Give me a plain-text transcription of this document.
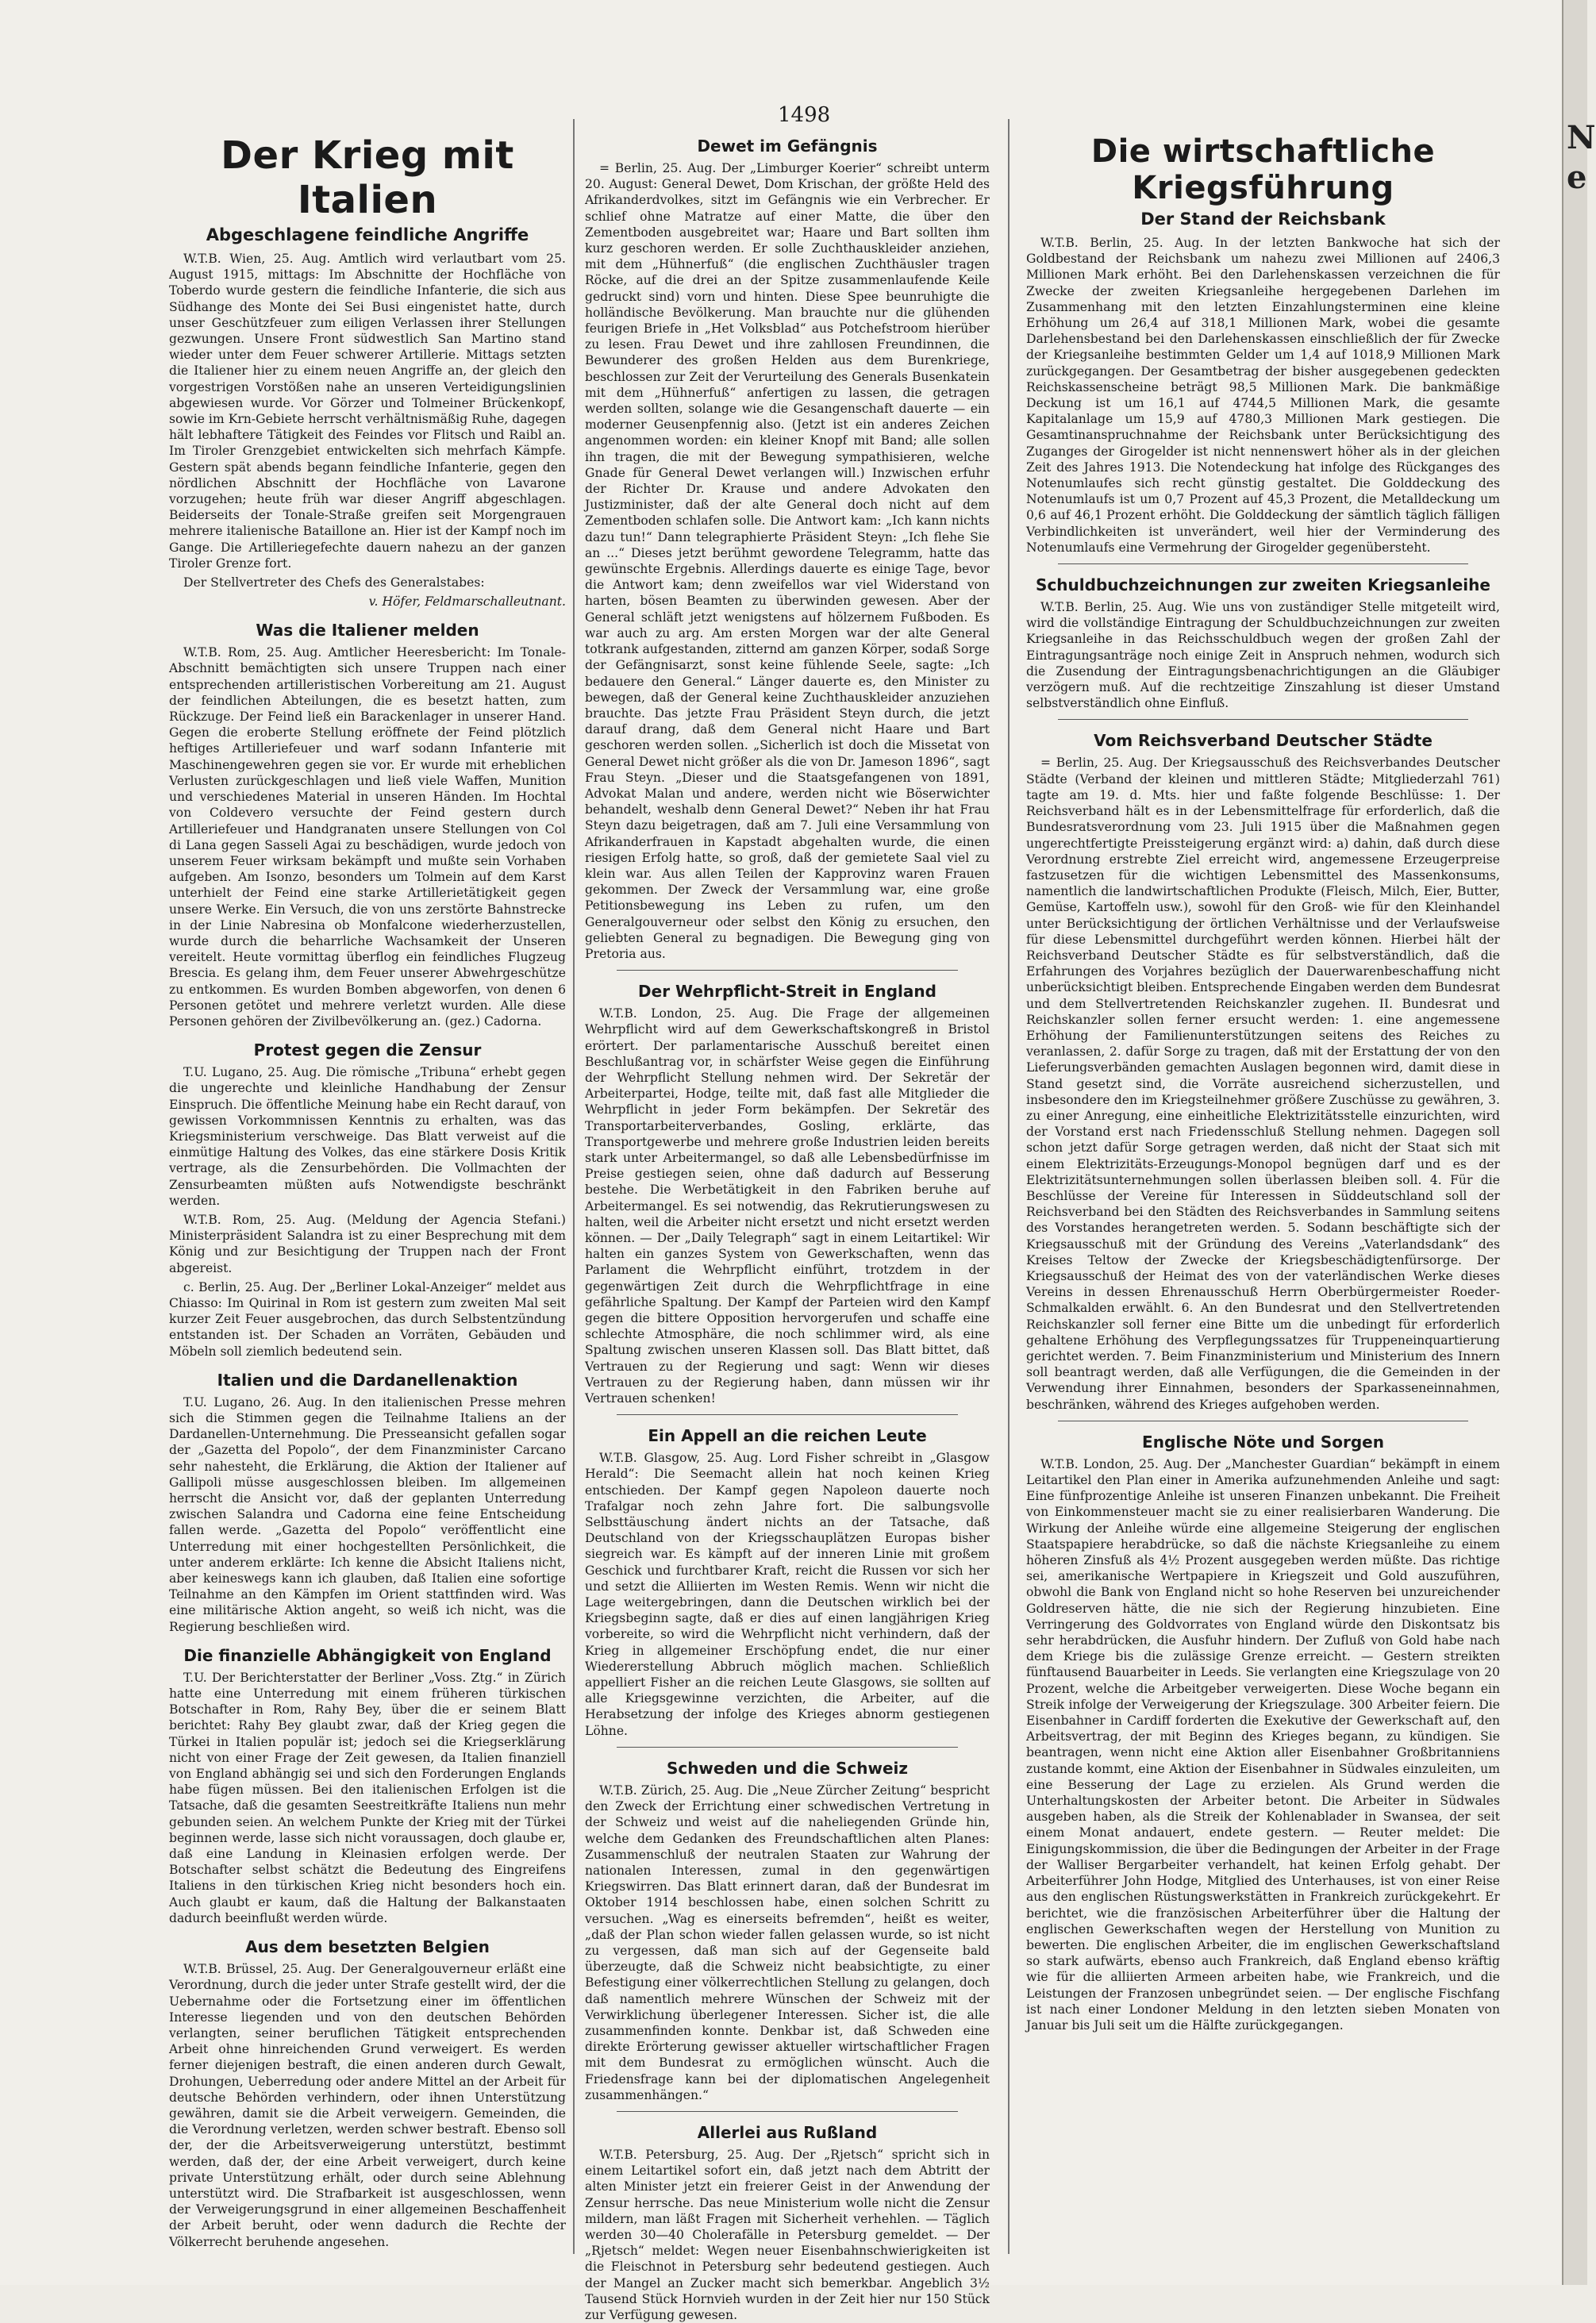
1498
Der Krieg mit Italien
Abgeschlagene feindliche Angriffe

W.T.B. Wien, 25. Aug. Amtlich wird verlautbart vom 25. August 1915, mittags: Im Abschnitte der Hochfläche von Toberdo wurde gestern die feindliche Infanterie, die sich aus Südhange des Monte dei Sei Busi eingenistet hatte, durch unser Geschützfeuer zum eiligen Verlassen ihrer Stellungen gezwungen. Unsere Front südwestlich San Martino stand wieder unter dem Feuer schwerer Artillerie. Mittags setzten die Italiener hier zu einem neuen Angriffe an, der gleich den vorgestrigen Vorstößen nahe an unseren Verteidigungslinien abgewiesen wurde. Vor Görzer und Tolmeiner Brückenkopf, sowie im Krn-Gebiete herrscht verhältnismäßig Ruhe, dagegen hält lebhaftere Tätigkeit des Feindes vor Flitsch und Raibl an. Im Tiroler Grenzgebiet entwickelten sich mehrfach Kämpfe. Gestern spät abends begann feindliche Infanterie, gegen den nördlichen Abschnitt der Hochfläche von Lavarone vorzugehen; heute früh war dieser Angriff abgeschlagen. Beiderseits der Tonale-Straße greifen seit Morgengrauen mehrere italienische Bataillone an. Hier ist der Kampf noch im Gange. Die Artilleriegefechte dauern nahezu an der ganzen Tiroler Grenze fort.

Der Stellvertreter des Chefs des Generalstabes:

v. Höfer, Feldmarschalleutnant.
Was die Italiener melden

W.T.B. Rom, 25. Aug. Amtlicher Heeresbericht: Im Tonale-Abschnitt bemächtigten sich unsere Truppen nach einer entsprechenden artilleristischen Vorbereitung am 21. August der feindlichen Abteilungen, die es besetzt hatten, zum Rückzuge. Der Feind ließ ein Barackenlager in unserer Hand. Gegen die eroberte Stellung eröffnete der Feind plötzlich heftiges Artilleriefeuer und warf sodann Infanterie mit Maschinengewehren gegen sie vor. Er wurde mit erheblichen Verlusten zurückgeschlagen und ließ viele Waffen, Munition und verschiedenes Material in unseren Händen. Im Hochtal von Coldevero versuchte der Feind gestern durch Artilleriefeuer und Handgranaten unsere Stellungen von Col di Lana gegen Sasseli Agai zu beschädigen, wurde jedoch von unserem Feuer wirksam bekämpft und mußte sein Vorhaben aufgeben. Am Isonzo, besonders um Tolmein auf dem Karst unterhielt der Feind eine starke Artillerietätigkeit gegen unsere Werke. Ein Versuch, die von uns zerstörte Bahnstrecke in der Linie Nabresina ob Monfalcone wiederherzustellen, wurde durch die beharrliche Wachsamkeit der Unseren vereitelt. Heute vormittag überflog ein feindliches Flugzeug Brescia. Es gelang ihm, dem Feuer unserer Abwehrgeschütze zu entkommen. Es wurden Bomben abgeworfen, von denen 6 Personen getötet und mehrere verletzt wurden. Alle diese Personen gehören der Zivilbevölkerung an. (gez.) Cadorna.

Protest gegen die Zensur

T.U. Lugano, 25. Aug. Die römische „Tribuna“ erhebt gegen die ungerechte und kleinliche Handhabung der Zensur Einspruch. Die öffentliche Meinung habe ein Recht darauf, von gewissen Vorkommnissen Kenntnis zu erhalten, was das Kriegsministerium verschweige. Das Blatt verweist auf die einmütige Haltung des Volkes, das eine stärkere Dosis Kritik vertrage, als die Zensurbehörden. Die Vollmachten der Zensurbeamten müßten aufs Notwendigste beschränkt werden.

W.T.B. Rom, 25. Aug. (Meldung der Agencia Stefani.) Ministerpräsident Salandra ist zu einer Besprechung mit dem König und zur Besichtigung der Truppen nach der Front abgereist.

c. Berlin, 25. Aug. Der „Berliner Lokal-Anzeiger“ meldet aus Chiasso: Im Quirinal in Rom ist gestern zum zweiten Mal seit kurzer Zeit Feuer ausgebrochen, das durch Selbstentzündung entstanden ist. Der Schaden an Vorräten, Gebäuden und Möbeln soll ziemlich bedeutend sein.

Italien und die Dardanellenaktion

T.U. Lugano, 26. Aug. In den italienischen Presse mehren sich die Stimmen gegen die Teilnahme Italiens an der Dardanellen-Unternehmung. Die Presseansicht gefallen sogar der „Gazetta del Popolo“, der dem Finanzminister Carcano sehr nahesteht, die Erklärung, die Aktion der Italiener auf Gallipoli müsse ausgeschlossen bleiben. Im allgemeinen herrscht die Ansicht vor, daß der geplanten Unterredung zwischen Salandra und Cadorna eine feine Entscheidung fallen werde. „Gazetta del Popolo“ veröffentlicht eine Unterredung mit einer hochgestellten Persönlichkeit, die unter anderem erklärte: Ich kenne die Absicht Italiens nicht, aber keineswegs kann ich glauben, daß Italien eine sofortige Teilnahme an den Kämpfen im Orient stattfinden wird. Was eine militärische Aktion angeht, so weiß ich nicht, was die Regierung beschließen wird.

Die finanzielle Abhängigkeit von England

T.U. Der Berichterstatter der Berliner „Voss. Ztg.“ in Zürich hatte eine Unterredung mit einem früheren türkischen Botschafter in Rom, Rahy Bey, über die er seinem Blatt berichtet: Rahy Bey glaubt zwar, daß der Krieg gegen die Türkei in Italien populär ist; jedoch sei die Kriegserklärung nicht von einer Frage der Zeit gewesen, da Italien finanziell von England abhängig sei und sich den Forderungen Englands habe fügen müssen. Bei den italienischen Erfolgen ist die Tatsache, daß die gesamten Seestreitkräfte Italiens nun mehr gebunden seien. An welchem Punkte der Krieg mit der Türkei beginnen werde, lasse sich nicht voraussagen, doch glaube er, daß eine Landung in Kleinasien erfolgen werde. Der Botschafter selbst schätzt die Bedeutung des Eingreifens Italiens in den türkischen Krieg nicht besonders hoch ein. Auch glaubt er kaum, daß die Haltung der Balkanstaaten dadurch beeinflußt werden würde.

Aus dem besetzten Belgien

W.T.B. Brüssel, 25. Aug. Der Generalgouverneur erläßt eine Verordnung, durch die jeder unter Strafe gestellt wird, der die Uebernahme oder die Fortsetzung einer im öffentlichen Interesse liegenden und von den deutschen Behörden verlangten, seiner beruflichen Tätigkeit entsprechenden Arbeit ohne hinreichenden Grund verweigert. Es werden ferner diejenigen bestraft, die einen anderen durch Gewalt, Drohungen, Ueberredung oder andere Mittel an der Arbeit für deutsche Behörden verhindern, oder ihnen Unterstützung gewähren, damit sie die Arbeit verweigern. Gemeinden, die die Verordnung verletzen, werden schwer bestraft. Ebenso soll der, der die Arbeitsverweigerung unterstützt, bestimmt werden, daß der, der eine Arbeit verweigert, durch keine private Unterstützung erhält, oder durch seine Ablehnung unterstützt wird. Die Strafbarkeit ist ausgeschlossen, wenn der Verweigerungsgrund in einer allgemeinen Beschaffenheit der Arbeit beruht, oder wenn dadurch die Rechte der Völkerrecht beruhende angesehen.

Dewet im Gefängnis

= Berlin, 25. Aug. Der „Limburger Koerier“ schreibt unterm 20. August: General Dewet, Dom Krischan, der größte Held des Afrikanderdvolkes, sitzt im Gefängnis wie ein Verbrecher. Er schlief ohne Matratze auf einer Matte, die über den Zementboden ausgebreitet war; Haare und Bart sollten ihm kurz geschoren werden. Er solle Zuchthauskleider anziehen, mit dem „Hühnerfuß“ (die englischen Zuchthäusler tragen Röcke, auf die drei an der Spitze zusammenlaufende Keile gedruckt sind) vorn und hinten. Diese Spee beunruhigte die holländische Bevölkerung. Man brauchte nur die glühenden feurigen Briefe in „Het Volksblad“ aus Potchefstroom hierüber zu lesen. Frau Dewet und ihre zahllosen Freundinnen, die Bewunderer des großen Helden aus dem Burenkriege, beschlossen zur Zeit der Verurteilung des Generals Busenkatein mit dem „Hühnerfuß“ anfertigen zu lassen, die getragen werden sollten, solange wie die Gesangenschaft dauerte — ein moderner Geusenpfennig also. (Jetzt ist ein anderes Zeichen angenommen worden: ein kleiner Knopf mit Band; alle sollen ihn tragen, die mit der Bewegung sympathisieren, welche Gnade für General Dewet verlangen will.) Inzwischen erfuhr der Richter Dr. Krause und andere Advokaten den Justizminister, daß der alte General doch nicht auf dem Zementboden schlafen solle. Die Antwort kam: „Ich kann nichts dazu tun!“ Dann telegraphierte Präsident Steyn: „Ich flehe Sie an ...“ Dieses jetzt berühmt gewordene Telegramm, hatte das gewünschte Ergebnis. Allerdings dauerte es einige Tage, bevor die Antwort kam; denn zweifellos war viel Widerstand von harten, bösen Beamten zu überwinden gewesen. Aber der General schläft jetzt wenigstens auf hölzernem Fußboden. Es war auch zu arg. Am ersten Morgen war der alte General totkrank aufgestanden, zitternd am ganzen Körper, sodaß Sorge der Gefängnisarzt, sonst keine fühlende Seele, sagte: „Ich bedauere den General.“ Länger dauerte es, den Minister zu bewegen, daß der General keine Zuchthauskleider anzuziehen brauchte. Das jetzte Frau Präsident Steyn durch, die jetzt darauf drang, daß dem General nicht Haare und Bart geschoren werden sollen. „Sicherlich ist doch die Missetat von General Dewet nicht größer als die von Dr. Jameson 1896“, sagt Frau Steyn. „Dieser und die Staatsgefangenen von 1891, Advokat Malan und andere, werden nicht wie Böserwichter behandelt, weshalb denn General Dewet?“ Neben ihr hat Frau Steyn dazu beigetragen, daß am 7. Juli eine Versammlung von Afrikanderfrauen in Kapstadt abgehalten wurde, die einen riesigen Erfolg hatte, so groß, daß der gemietete Saal viel zu klein war. Aus allen Teilen der Kapprovinz waren Frauen gekommen. Der Zweck der Versammlung war, eine große Petitionsbewegung ins Leben zu rufen, um den Generalgouverneur oder selbst den König zu ersuchen, den geliebten General zu begnadigen. Die Bewegung ging von Pretoria aus.

Der Wehrpflicht-Streit in England

W.T.B. London, 25. Aug. Die Frage der allgemeinen Wehrpflicht wird auf dem Gewerkschaftskongreß in Bristol erörtert. Der parlamentarische Ausschuß bereitet einen Beschlußantrag vor, in schärfster Weise gegen die Einführung der Wehrpflicht Stellung nehmen wird. Der Sekretär der Arbeiterpartei, Hodge, teilte mit, daß fast alle Mitglieder die Wehrpflicht in jeder Form bekämpfen. Der Sekretär des Transportarbeiterverbandes, Gosling, erklärte, das Transportgewerbe und mehrere große Industrien leiden bereits stark unter Arbeitermangel, so daß alle Lebensbedürfnisse im Preise gestiegen seien, ohne daß dadurch auf Besserung bestehe. Die Werbetätigkeit in den Fabriken beruhe auf Arbeitermangel. Es sei notwendig, das Rekrutierungswesen zu halten, weil die Arbeiter nicht ersetzt und nicht ersetzt werden können. — Der „Daily Telegraph“ sagt in einem Leitartikel: Wir halten ein ganzes System von Gewerkschaften, wenn das Parlament die Wehrpflicht einführt, trotzdem in der gegenwärtigen Zeit durch die Wehrpflichtfrage in eine gefährliche Spaltung. Der Kampf der Parteien wird den Kampf gegen die bittere Opposition hervorgerufen und schaffe eine schlechte Atmosphäre, die noch schlimmer wird, als eine Spaltung zwischen unseren Klassen soll. Das Blatt bittet, daß Vertrauen zu der Regierung und sagt: Wenn wir dieses Vertrauen zu der Regierung haben, dann müssen wir ihr Vertrauen schenken!

Ein Appell an die reichen Leute

W.T.B. Glasgow, 25. Aug. Lord Fisher schreibt in „Glasgow Herald“: Die Seemacht allein hat noch keinen Krieg entschieden. Der Kampf gegen Napoleon dauerte noch Trafalgar noch zehn Jahre fort. Die salbungsvolle Selbsttäuschung ändert nichts an der Tatsache, daß Deutschland von der Kriegsschauplätzen Europas bisher siegreich war. Es kämpft auf der inneren Linie mit großem Geschick und furchtbarer Kraft, reicht die Russen vor sich her und setzt die Alliierten im Westen Remis. Wenn wir nicht die Lage weitergebringen, dann die Deutschen wirklich bei der Kriegsbeginn sagte, daß er dies auf einen langjährigen Krieg vorbereite, so wird die Wehrpflicht nicht verhindern, daß der Krieg in allgemeiner Erschöpfung endet, die nur einer Wiedererstellung Abbruch möglich machen. Schließlich appelliert Fisher an die reichen Leute Glasgows, sie sollten auf alle Kriegsgewinne verzichten, die Arbeiter, auf die Herabsetzung der infolge des Krieges abnorm gestiegenen Löhne.

Schweden und die Schweiz

W.T.B. Zürich, 25. Aug. Die „Neue Zürcher Zeitung“ bespricht den Zweck der Errichtung einer schwedischen Vertretung in der Schweiz und weist auf die naheliegenden Gründe hin, welche dem Gedanken des Freundschaftlichen alten Planes: Zusammenschluß der neutralen Staaten zur Wahrung der nationalen Interessen, zumal in den gegenwärtigen Kriegswirren. Das Blatt erinnert daran, daß der Bundesrat im Oktober 1914 beschlossen habe, einen solchen Schritt zu versuchen. „Wag es einerseits befremden“, heißt es weiter, „daß der Plan schon wieder fallen gelassen wurde, so ist nicht zu vergessen, daß man sich auf der Gegenseite bald überzeugte, daß die Schweiz nicht beabsichtigte, zu einer Befestigung einer völkerrechtlichen Stellung zu gelangen, doch daß namentlich mehrere Wünschen der Schweiz mit der Verwirklichung überlegener Interessen. Sicher ist, die alle zusammenfinden konnte. Denkbar ist, daß Schweden eine direkte Erörterung gewisser aktueller wirtschaftlicher Fragen mit dem Bundesrat zu ermöglichen wünscht. Auch die Friedensfrage kann bei der diplomatischen Angelegenheit zusammenhängen.“

Allerlei aus Rußland

W.T.B. Petersburg, 25. Aug. Der „Rjetsch“ spricht sich in einem Leitartikel sofort ein, daß jetzt nach dem Abtritt der alten Minister jetzt ein freierer Geist in der Anwendung der Zensur herrsche. Das neue Ministerium wolle nicht die Zensur mildern, man läßt Fragen mit Sicherheit verhehlen. — Täglich werden 30—40 Cholerafälle in Petersburg gemeldet. — Der „Rjetsch“ meldet: Wegen neuer Eisenbahnschwierigkeiten ist die Fleischnot in Petersburg sehr bedeutend gestiegen. Auch der Mangel an Zucker macht sich bemerkbar. Angeblich 3½ Tausend Stück Hornvieh wurden in der Zeit hier nur 150 Stück zur Verfügung gewesen.

Die wirtschaftliche Kriegsführung
Der Stand der Reichsbank

W.T.B. Berlin, 25. Aug. In der letzten Bankwoche hat sich der Goldbestand der Reichsbank um nahezu zwei Millionen auf 2406,3 Millionen Mark erhöht. Bei den Darlehenskassen verzeichnen die für Zwecke der zweiten Kriegsanleihe hergegebenen Darlehen im Zusammenhang mit den letzten Einzahlungsterminen eine kleine Erhöhung um 26,4 auf 318,1 Millionen Mark, wobei die gesamte Darlehensbestand bei den Darlehenskassen einschließlich der für Zwecke der Kriegsanleihe bestimmten Gelder um 1,4 auf 1018,9 Millionen Mark zurückgegangen. Der Gesamtbetrag der bisher ausgegebenen gedeckten Reichskassenscheine beträgt 98,5 Millionen Mark. Die bankmäßige Deckung ist um 16,1 auf 4744,5 Millionen Mark, die gesamte Kapitalanlage um 15,9 auf 4780,3 Millionen Mark gestiegen. Die Gesamtinanspruchnahme der Reichsbank unter Berücksichtigung des Zuganges der Girogelder ist nicht nennenswert höher als in der gleichen Zeit des Jahres 1913. Die Notendeckung hat infolge des Rückganges des Notenumlaufes sich recht günstig gestaltet. Die Golddeckung des Notenumlaufs ist um 0,7 Prozent auf 45,3 Prozent, die Metalldeckung um 0,6 auf 46,1 Prozent erhöht. Die Golddeckung der sämtlich täglich fälligen Verbindlichkeiten ist unverändert, weil hier der Verminderung des Notenumlaufs eine Vermehrung der Girogelder gegenübersteht.

Schuldbuchzeichnungen zur zweiten Kriegsanleihe

W.T.B. Berlin, 25. Aug. Wie uns von zuständiger Stelle mitgeteilt wird, wird die vollständige Eintragung der Schuldbuchzeichnungen zur zweiten Kriegsanleihe in das Reichsschuldbuch wegen der großen Zahl der Eintragungsanträge noch einige Zeit in Anspruch nehmen, wodurch sich die Zusendung der Eintragungsbenachrichtigungen an die Gläubiger verzögern muß. Auf die rechtzeitige Zinszahlung ist dieser Umstand selbstverständlich ohne Einfluß.

Vom Reichsverband Deutscher Städte

= Berlin, 25. Aug. Der Kriegsausschuß des Reichsverbandes Deutscher Städte (Verband der kleinen und mittleren Städte; Mitgliederzahl 761) tagte am 19. d. Mts. hier und faßte folgende Beschlüsse: 1. Der Reichsverband hält es in der Lebensmittelfrage für erforderlich, daß die Bundesratsverordnung vom 23. Juli 1915 über die Maßnahmen gegen ungerechtfertigte Preissteigerung ergänzt wird: a) dahin, daß durch diese Verordnung erstrebte Ziel erreicht wird, angemessene Erzeugerpreise fastzusetzen für die wichtigen Lebensmittel des Massenkonsums, namentlich die landwirtschaftlichen Produkte (Fleisch, Milch, Eier, Butter, Gemüse, Kartoffeln usw.), sowohl für den Groß- wie für den Kleinhandel unter Berücksichtigung der örtlichen Verhältnisse und der Verlaufsweise für diese Lebensmittel durchgeführt werden können. Hierbei hält der Reichsverband Deutscher Städte es für selbstverständlich, daß die Erfahrungen des Vorjahres bezüglich der Dauerwarenbeschaffung nicht unberücksichtigt bleiben. Entsprechende Eingaben werden dem Bundesrat und dem Stellvertretenden Reichskanzler zugehen. II. Bundesrat und Reichskanzler sollen ferner ersucht werden: 1. eine angemessene Erhöhung der Familienunterstützungen seitens des Reiches zu veranlassen, 2. dafür Sorge zu tragen, daß mit der Erstattung der von den Lieferungsverbänden gemachten Auslagen begonnen wird, damit diese in Stand gesetzt sind, die Vorräte ausreichend sicherzustellen, und insbesondere den im Kriegsteilnehmer größere Zuschüsse zu gewähren, 3. zu einer Anregung, eine einheitliche Elektrizitätsstelle einzurichten, wird der Vorstand erst nach Friedensschluß Stellung nehmen. Dagegen soll schon jetzt dafür Sorge getragen werden, daß nicht der Staat sich mit einem Elektrizitäts-Erzeugungs-Monopol begnügen darf und es der Elektrizitätsunternehmungen sollen überlassen bleiben soll. 4. Für die Beschlüsse der Vereine für Interessen in Süddeutschland soll der Reichsverband bei den Städten des Reichsverbandes in Sammlung seitens des Vorstandes herangetreten werden. 5. Sodann beschäftigte sich der Kriegsausschuß mit der Gründung des Vereins „Vaterlandsdank“ des Kreises Teltow der Zwecke der Kriegsbeschädigtenfürsorge. Der Kriegsausschuß der Heimat des von der vaterländischen Werke dieses Vereins in dessen Ehrenausschuß Herrn Oberbürgermeister Roeder-Schmalkalden erwählt. 6. An den Bundesrat und den Stellvertretenden Reichskanzler soll ferner eine Bitte um die unbedingt für erforderlich gehaltene Erhöhung des Verpflegungssatzes für Truppeneinquartierung gerichtet werden. 7. Beim Finanzministerium und Ministerium des Innern soll beantragt werden, daß alle Verfügungen, die die Gemeinden in der Verwendung ihrer Einnahmen, besonders der Sparkasseneinnahmen, beschränken, während des Krieges aufgehoben werden.

Englische Nöte und Sorgen

W.T.B. London, 25. Aug. Der „Manchester Guardian“ bekämpft in einem Leitartikel den Plan einer in Amerika aufzunehmenden Anleihe und sagt: Eine fünfprozentige Anleihe ist unseren Finanzen unbekannt. Die Freiheit von Einkommensteuer macht sie zu einer realisierbaren Wanderung. Die Wirkung der Anleihe würde eine allgemeine Steigerung der englischen Staatspapiere herabdrücke, so daß die nächste Kriegsanleihe zu einem höheren Zinsfuß als 4½ Prozent ausgegeben werden müßte. Das richtige sei, amerikanische Wertpapiere in Kriegszeit und Gold auszuführen, obwohl die Bank von England nicht so hohe Reserven bei unzureichender Goldreserven hätte, die nie sich der Regierung hinzubieten. Eine Verringerung des Goldvorrates von England würde den Diskontsatz bis sehr herabdrücken, die Ausfuhr hindern. Der Zufluß von Gold habe nach dem Kriege bis die zulässige Grenze erreicht. — Gestern streikten fünftausend Bauarbeiter in Leeds. Sie verlangten eine Kriegszulage von 20 Prozent, welche die Arbeitgeber verweigerten. Diese Woche begann ein Streik infolge der Verweigerung der Kriegszulage. 300 Arbeiter feiern. Die Eisenbahner in Cardiff forderten die Exekutive der Gewerkschaft auf, den Arbeitsvertrag, der mit Beginn des Krieges begann, zu kündigen. Sie beantragen, wenn nicht eine Aktion aller Eisenbahner Großbritanniens zustande kommt, eine Aktion der Eisenbahner in Südwales einzuleiten, um eine Besserung der Lage zu erzielen. Als Grund werden die Unterhaltungskosten der Arbeiter betont. Die Arbeiter in Südwales ausgeben haben, als die Streik der Kohlenablader in Swansea, der seit einem Monat andauert, endete gestern. — Reuter meldet: Die Einigungskommission, die über die Bedingungen der Arbeiter in der Frage der Walliser Bergarbeiter verhandelt, hat keinen Erfolg gehabt. Der Arbeiterführer John Hodge, Mitglied des Unterhauses, ist von einer Reise aus den englischen Rüstungswerkstätten in Frankreich zurückgekehrt. Er berichtet, wie die französischen Arbeiterführer über die Haltung der englischen Gewerkschaften wegen der Herstellung von Munition zu bewerten. Die englischen Arbeiter, die im englischen Gewerkschaftsland so stark aufwärts, ebenso auch Frankreich, daß England ebenso kräftig wie für die alliierten Armeen arbeiten habe, wie Frankreich, und die Leistungen der Franzosen unbegründet seien. — Der englische Fischfang ist nach einer Londoner Meldung in den letzten sieben Monaten von Januar bis Juli seit um die Hälfte zurückgegangen.

N
e
